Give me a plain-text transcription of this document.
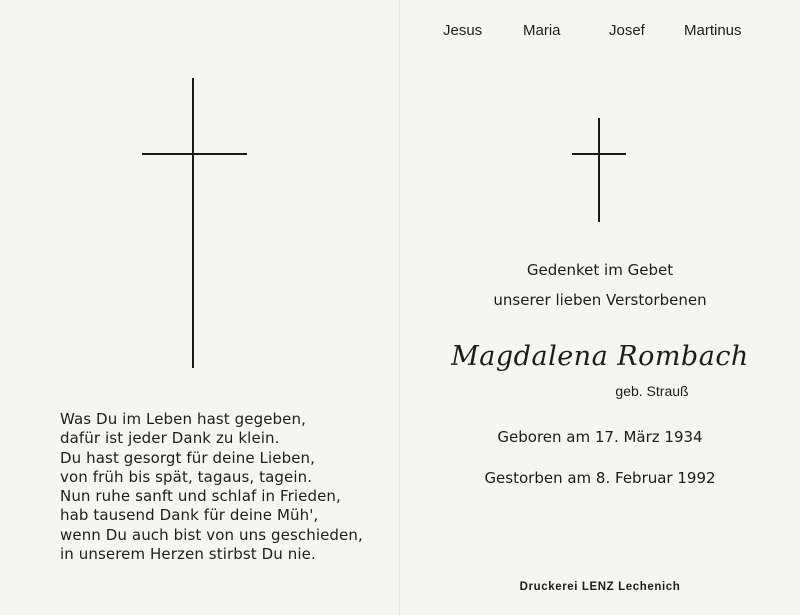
Was Du im Leben hast gegeben,
dafür ist jeder Dank zu klein.
Du hast gesorgt für deine Lieben,
von früh bis spät, tagaus, tagein.
Nun ruhe sanft und schlaf in Frieden,
hab tausend Dank für deine Müh',
wenn Du auch bist von uns geschieden,
in unserem Herzen stirbst Du nie.
Jesus	Maria	Josef	Martinus
Gedenket im Gebet
unserer lieben Verstorbenen
Magdalena Rombach
geb. Strauß
Geboren am 17. März 1934
Gestorben am 8. Februar 1992
Druckerei LENZ Lechenich
